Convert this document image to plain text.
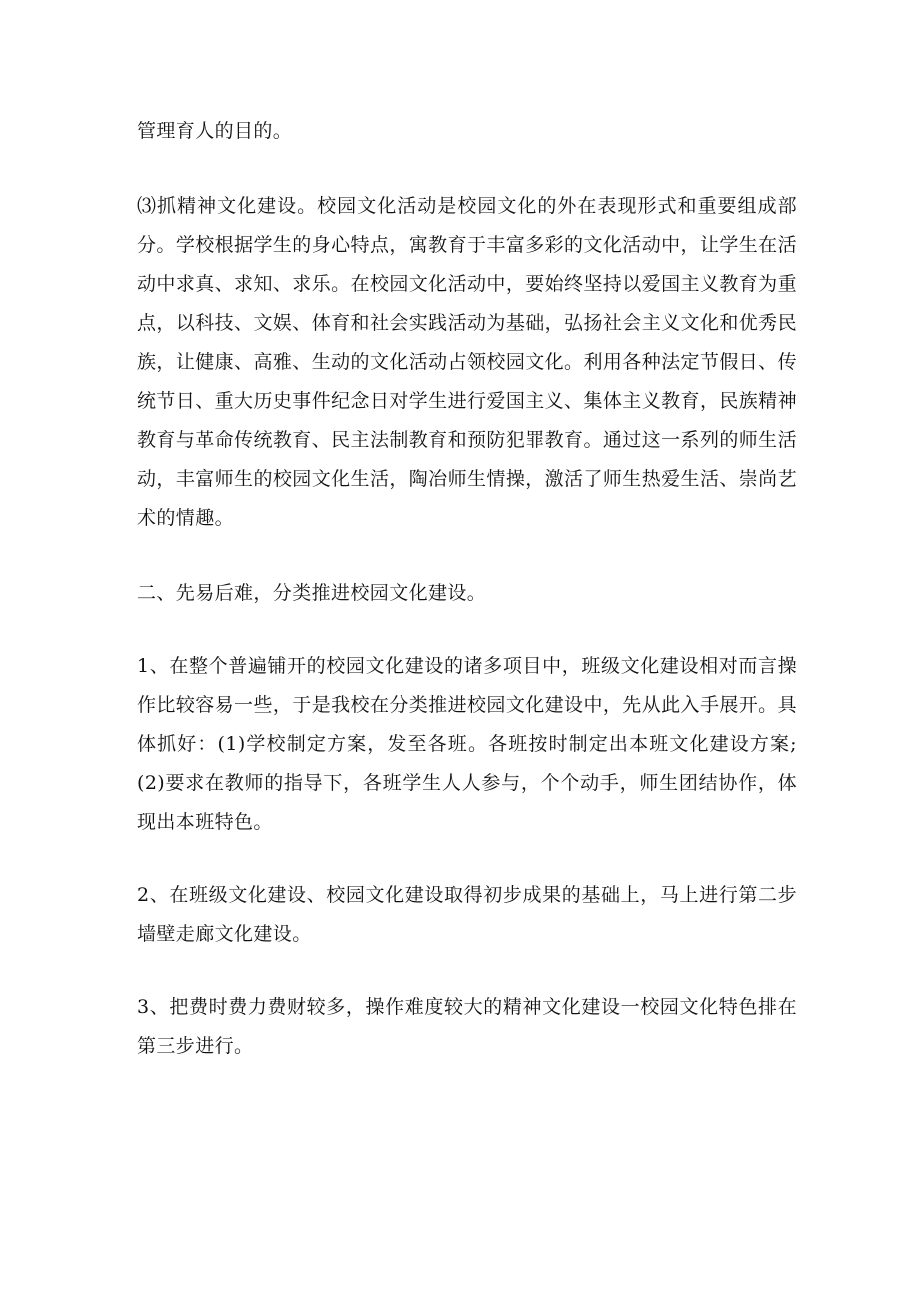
管理育人的目的。

⑶抓精神文化建设。校园文化活动是校园文化的外在表现形式和重要组成部分。学校根据学生的身心特点，寓教育于丰富多彩的文化活动中，让学生在活动中求真、求知、求乐。在校园文化活动中，要始终坚持以爱国主义教育为重点，以科技、文娱、体育和社会实践活动为基础，弘扬社会主义文化和优秀民族，让健康、高雅、生动的文化活动占领校园文化。利用各种法定节假日、传统节日、重大历史事件纪念日对学生进行爱国主义、集体主义教育，民族精神教育与革命传统教育、民主法制教育和预防犯罪教育。通过这一系列的师生活动，丰富师生的校园文化生活，陶冶师生情操，激活了师生热爱生活、崇尚艺术的情趣。

二、先易后难，分类推进校园文化建设。

1、在整个普遍铺开的校园文化建设的诸多项目中，班级文化建设相对而言操作比较容易一些，于是我校在分类推进校园文化建设中，先从此入手展开。具体抓好：(1)学校制定方案，发至各班。各班按时制定出本班文化建设方案;(2)要求在教师的指导下，各班学生人人参与，个个动手，师生团结协作，体现出本班特色。

2、在班级文化建设、校园文化建设取得初步成果的基础上，马上进行第二步墙壁走廊文化建设。

3、把费时费力费财较多，操作难度较大的精神文化建设一校园文化特色排在第三步进行。
